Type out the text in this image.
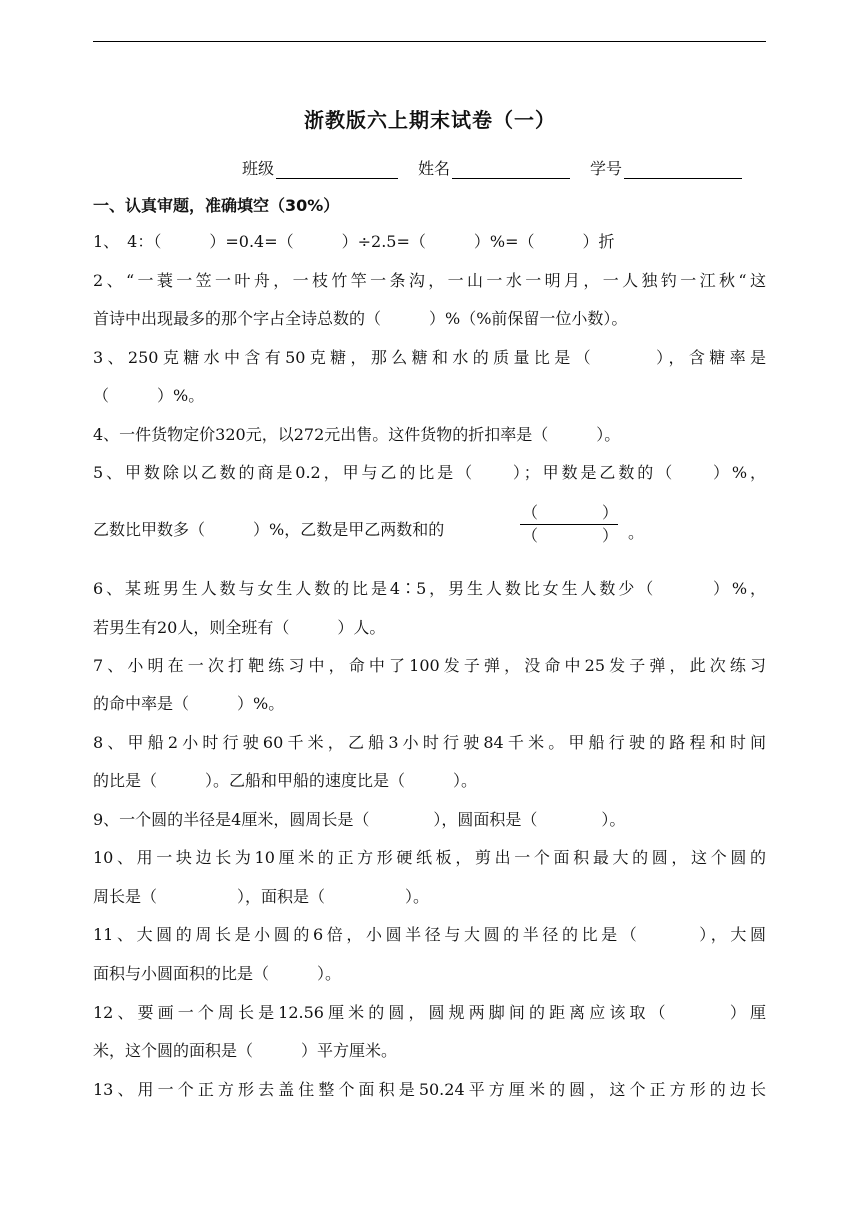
浙教版六上期末试卷（一）
班级	姓名	学号
一、认真审题，准确填空（30%）
1、　4：（　　　）=0.4=（　　　）÷2.5=（　　　）%=（　　　）折
2、“一蓑一笠一叶舟，一枝竹竿一条沟，一山一水一明月，一人独钓一江秋“这
首诗中出现最多的那个字占全诗总数的（　　　）%（%前保留一位小数）。
3、250克糖水中含有50克糖，那么糖和水的质量比是（　　　），含糖率是
（　　　）%。
4、一件货物定价320元，以272元出售。这件货物的折扣率是（　　　）。
5、甲数除以乙数的商是0.2，甲与乙的比是（　　）；甲数是乙数的（　　）%，
乙数比甲数多（　　　）%，乙数是甲乙两数和的
（　　　　）
（　　　　） 。
6、某班男生人数与女生人数的比是4∶5，男生人数比女生人数少（　　　）%，
若男生有20人，则全班有（　　　）人。
7、小明在一次打靶练习中，命中了100发子弹，没命中25发子弹，此次练习
的命中率是（　　　）%。
8、甲船2小时行驶60千米，乙船3小时行驶84千米。甲船行驶的路程和时间
的比是（　　　）。乙船和甲船的速度比是（　　　）。
9、一个圆的半径是4厘米，圆周长是（　　　　），圆面积是（　　　　）。
10、用一块边长为10厘米的正方形硬纸板，剪出一个面积最大的圆，这个圆的
周长是（　　　　　），面积是（　　　　　）。
11、大圆的周长是小圆的6倍，小圆半径与大圆的半径的比是（　　　），大圆
面积与小圆面积的比是（　　　）。
12、要画一个周长是12.56厘米的圆，圆规两脚间的距离应该取（　　　）厘
米，这个圆的面积是（　　　）平方厘米。
13、用一个正方形去盖住整个面积是50.24平方厘米的圆，这个正方形的边长
